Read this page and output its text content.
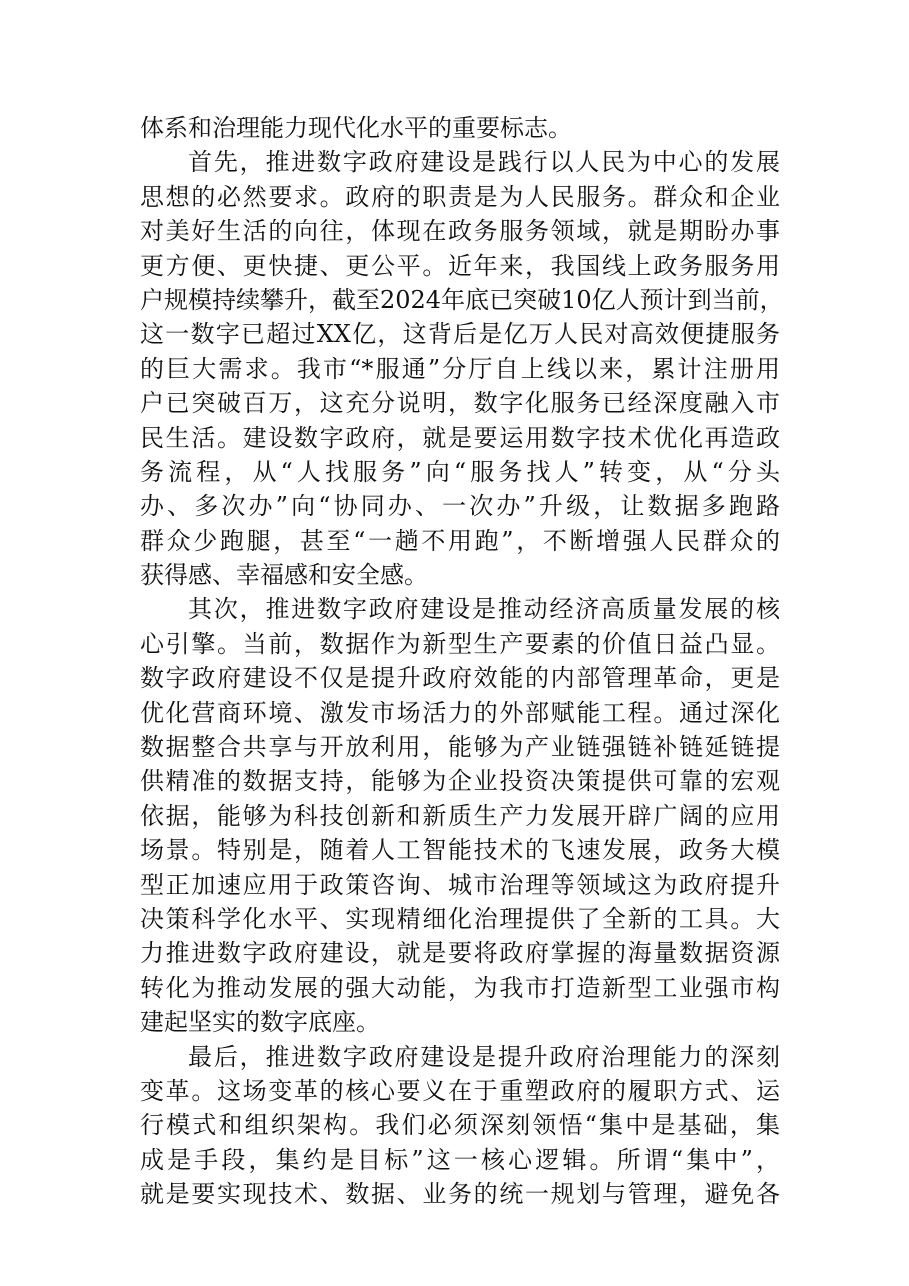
体系和治理能力现代化水平的重要标志。
首先，推进数字政府建设是践行以人民为中心的发展
思想的必然要求。政府的职责是为人民服务。群众和企业
对美好生活的向往，体现在政务服务领域，就是期盼办事
更方便、更快捷、更公平。近年来，我国线上政务服务用
户规模持续攀升，截至2024年底已突破10亿人预计到当前，
这一数字已超过XX亿，这背后是亿万人民对高效便捷服务
的巨大需求。我市“*服通”分厅自上线以来，累计注册用
户已突破百万，这充分说明，数字化服务已经深度融入市
民生活。建设数字政府，就是要运用数字技术优化再造政
务流程，从“人找服务”向“服务找人”转变，从“分头
办、多次办”向“协同办、一次办”升级，让数据多跑路
群众少跑腿，甚至“一趟不用跑”，不断增强人民群众的
获得感、幸福感和安全感。
其次，推进数字政府建设是推动经济高质量发展的核
心引擎。当前，数据作为新型生产要素的价值日益凸显。
数字政府建设不仅是提升政府效能的内部管理革命，更是
优化营商环境、激发市场活力的外部赋能工程。通过深化
数据整合共享与开放利用，能够为产业链强链补链延链提
供精准的数据支持，能够为企业投资决策提供可靠的宏观
依据，能够为科技创新和新质生产力发展开辟广阔的应用
场景。特别是，随着人工智能技术的飞速发展，政务大模
型正加速应用于政策咨询、城市治理等领域这为政府提升
决策科学化水平、实现精细化治理提供了全新的工具。大
力推进数字政府建设，就是要将政府掌握的海量数据资源
转化为推动发展的强大动能，为我市打造新型工业强市构
建起坚实的数字底座。
最后，推进数字政府建设是提升政府治理能力的深刻
变革。这场变革的核心要义在于重塑政府的履职方式、运
行模式和组织架构。我们必须深刻领悟“集中是基础，集
成是手段，集约是目标”这一核心逻辑。所谓“集中”，
就是要实现技术、数据、业务的统一规划与管理，避免各
